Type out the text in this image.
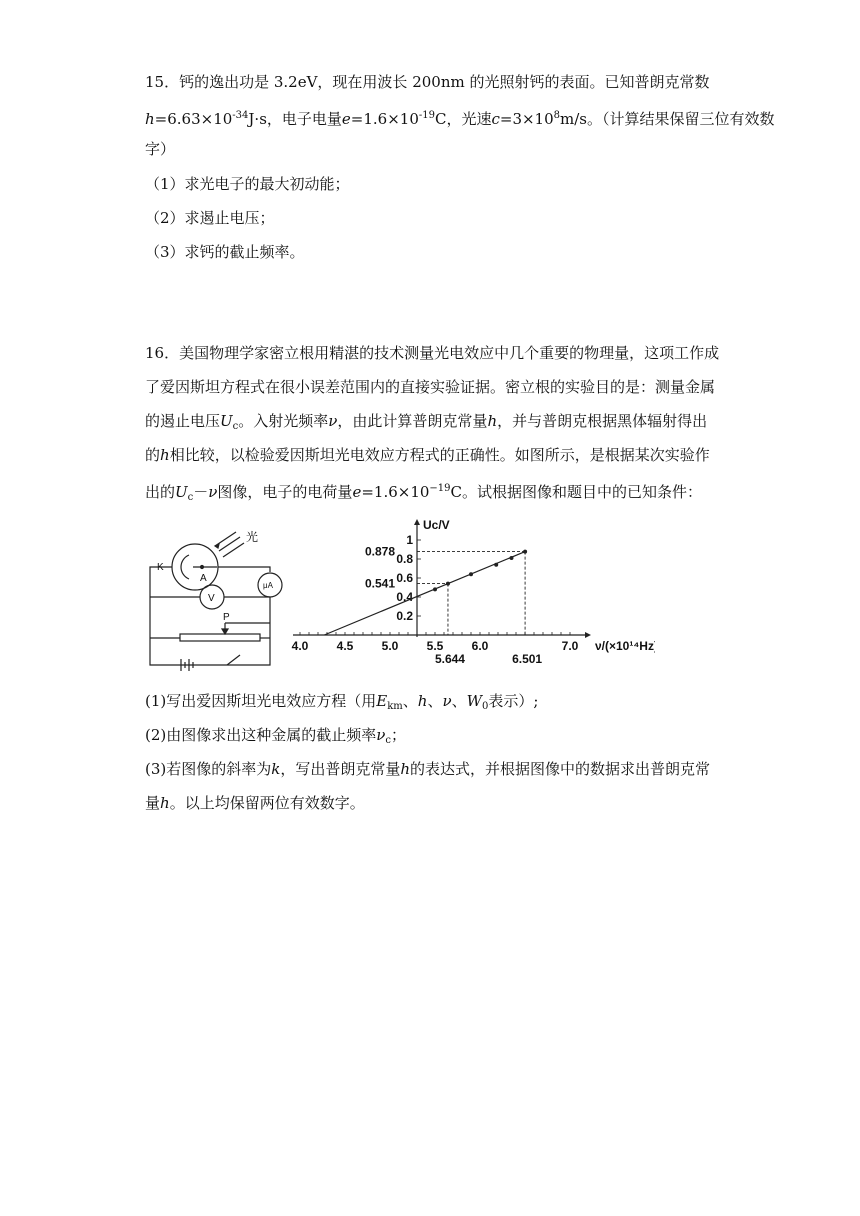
15．钙的逸出功是 3.2eV，现在用波长 200nm 的光照射钙的表面。已知普朗克常数
$h=6.63\times 10^{-34}J\cdot s$，电子电量$e=1.6\times 10^{-19}C$，光速$c=3\times 10^8m/s$。（计算结果保留三位有效数
字）
（1）求光电子的最大初动能；
（2）求遏止电压；
（3）求钙的截止频率。
16．美国物理学家密立根用精湛的技术测量光电效应中几个重要的物理量，这项工作成
了爱因斯坦方程式在很小误差范围内的直接实验证据。密立根的实验目的是：测量金属
的遏止电压$U_c$。入射光频率ν，由此计算普朗克常量h，并与普朗克根据黑体辐射得出
的h相比较，以检验爱因斯坦光电效应方程式的正确性。如图所示，是根据某次实验作
出的$U_c-\nu$图像，电子的电荷量$e=1.6\times 10^{-19}C$。试根据图像和题目中的已知条件：
光
K
A
V
μA
P
4.0 4.5 5.0 5.5 6.0	7.0
0.2
0.4
0.6
0.8
1
Uc/V
ν/(×10¹⁴Hz)
0.541
5.644
0.878
6.501
(1)写出爱因斯坦光电效应方程（用$E_{km}$、h、ν、$W_0$表示）;
(2)由图像求出这种金属的截止频率$\nu_c$；
(3)若图像的斜率为k，写出普朗克常量h的表达式，并根据图像中的数据求出普朗克常
量h。以上均保留两位有效数字。
